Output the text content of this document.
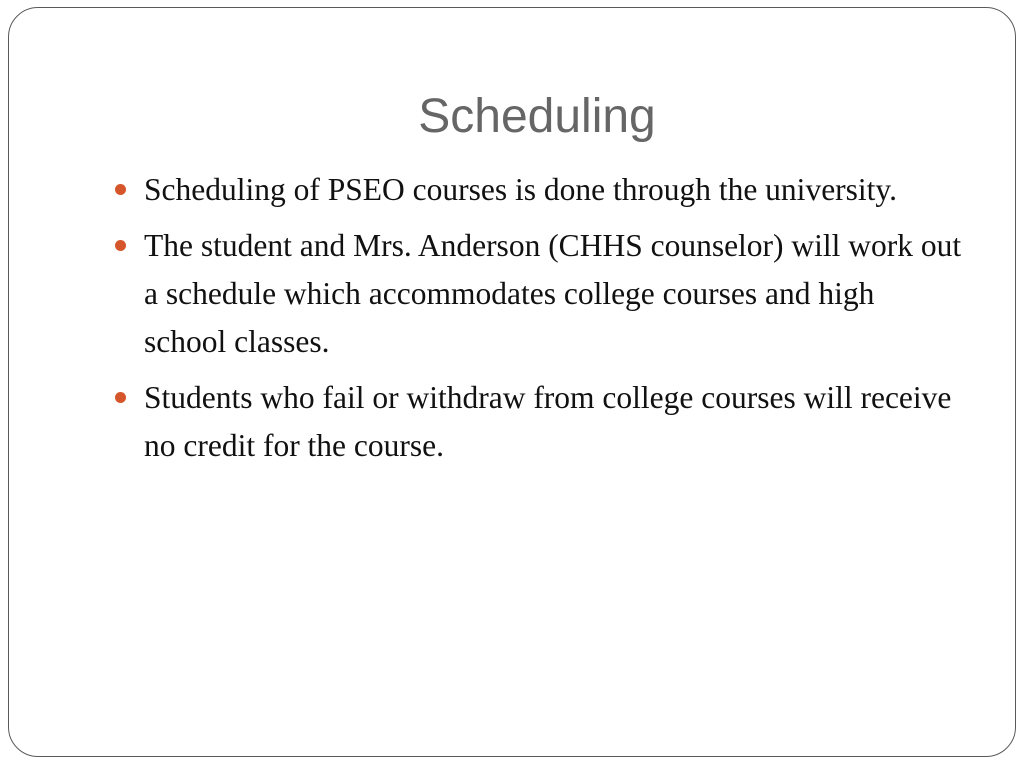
Scheduling
Scheduling of PSEO courses is done through the university.
The student and Mrs. Anderson (CHHS counselor) will work out a schedule which accommodates college courses and high school classes.
Students who fail or withdraw from college courses will receive no credit for the course.
